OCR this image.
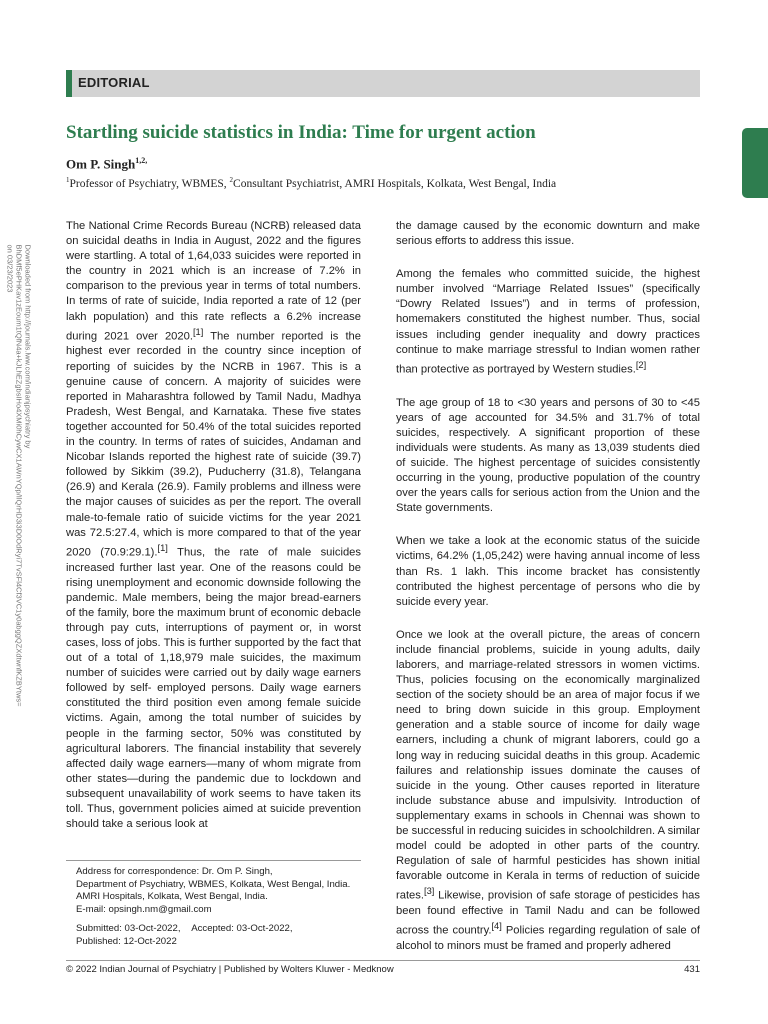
EDITORIAL
Startling suicide statistics in India: Time for urgent action
Om P. Singh$^{1,2,}$
$^1$Professor of Psychiatry, WBMES, $^2$Consultant Psychiatrist, AMRI Hospitals, Kolkata, West Bengal, India
Downloaded from http://journals.lww.com/indianjpsychiatry by BhDMf5ePHKav1zEoum1tQfN4a+kJLhEZgbsIHo4XMi0hCywCX1AWnYQp/IlQrHD3i3D0OdRyi7TvSFl4Cf3VC1y0abggQZXdtwnfKZBYtws= on 03/23/2023

The National Crime Records Bureau (NCRB) released data on suicidal deaths in India in August, 2022 and the figures were startling. A total of 1,64,033 suicides were reported in the country in 2021 which is an increase of 7.2% in comparison to the previous year in terms of total numbers. In terms of rate of suicide, India reported a rate of 12 (per lakh population) and this rate reflects a 6.2% increase during 2021 over 2020.[1] The number reported is the highest ever recorded in the country since inception of reporting of suicides by the NCRB in 1967. This is a genuine cause of concern. A majority of suicides were reported in Maharashtra followed by Tamil Nadu, Madhya Pradesh, West Bengal, and Karnataka. These five states together accounted for 50.4% of the total suicides reported in the country. In terms of rates of suicides, Andaman and Nicobar Islands reported the highest rate of suicide (39.7) followed by Sikkim (39.2), Puducherry (31.8), Telangana (26.9) and Kerala (26.9). Family problems and illness were the major causes of suicides as per the report. The overall male-to-female ratio of suicide victims for the year 2021 was 72.5:27.4, which is more compared to that of the year 2020 (70.9:29.1).[1] Thus, the rate of male suicides increased further last year. One of the reasons could be rising unemployment and economic downside following the pandemic. Male members, being the major bread-earners of the family, bore the maximum brunt of economic debacle through pay cuts, interruptions of payment or, in worst cases, loss of jobs. This is further supported by the fact that out of a total of 1,18,979 male suicides, the maximum number of suicides were carried out by daily wage earners followed by self- employed persons. Daily wage earners constituted the third position even among female suicide victims. Again, among the total number of suicides by people in the farming sector, 50% was constituted by agricultural laborers. The financial instability that severely affected daily wage earners—many of whom migrate from other states—during the pandemic due to lockdown and subsequent unavailability of work seems to have taken its toll. Thus, government policies aimed at suicide prevention should take a serious look at

the damage caused by the economic downturn and make serious efforts to address this issue.

Among the females who committed suicide, the highest number involved “Marriage Related Issues” (specifically “Dowry Related Issues”) and in terms of profession, homemakers constituted the highest number. Thus, social issues including gender inequality and dowry practices continue to make marriage stressful to Indian women rather than protective as portrayed by Western studies.[2]

The age group of 18 to <30 years and persons of 30 to <45 years of age accounted for 34.5% and 31.7% of total suicides, respectively. A significant proportion of these individuals were students. As many as 13,039 students died of suicide. The highest percentage of suicides consistently occurring in the young, productive population of the country over the years calls for serious action from the Union and the State governments.

When we take a look at the economic status of the suicide victims, 64.2% (1,05,242) were having annual income of less than Rs. 1 lakh. This income bracket has consistently contributed the highest percentage of persons who die by suicide every year.

Once we look at the overall picture, the areas of concern include financial problems, suicide in young adults, daily laborers, and marriage-related stressors in women victims. Thus, policies focusing on the economically marginalized section of the society should be an area of major focus if we need to bring down suicide in this group. Employment generation and a stable source of income for daily wage earners, including a chunk of migrant laborers, could go a long way in reducing suicidal deaths in this group. Academic failures and relationship issues dominate the causes of suicide in the young. Other causes reported in literature include substance abuse and impulsivity. Introduction of supplementary exams in schools in Chennai was shown to be successful in reducing suicides in schoolchildren. A similar model could be adopted in other parts of the country. Regulation of sale of harmful pesticides has shown initial favorable outcome in Kerala in terms of reduction of suicide rates.[3] Likewise, provision of safe storage of pesticides has been found effective in Tamil Nadu and can be followed across the country.[4] Policies regarding regulation of sale of alcohol to minors must be framed and properly adhered

Address for correspondence: Dr. Om P. Singh,
Department of Psychiatry, WBMES, Kolkata, West Bengal, India.
AMRI Hospitals, Kolkata, West Bengal, India.
E-mail: opsingh.nm@gmail.com
Submitted: 03-Oct-2022, Accepted: 03-Oct-2022,
Published: 12-Oct-2022
© 2022 Indian Journal of Psychiatry | Published by Wolters Kluwer - Medknow	431
